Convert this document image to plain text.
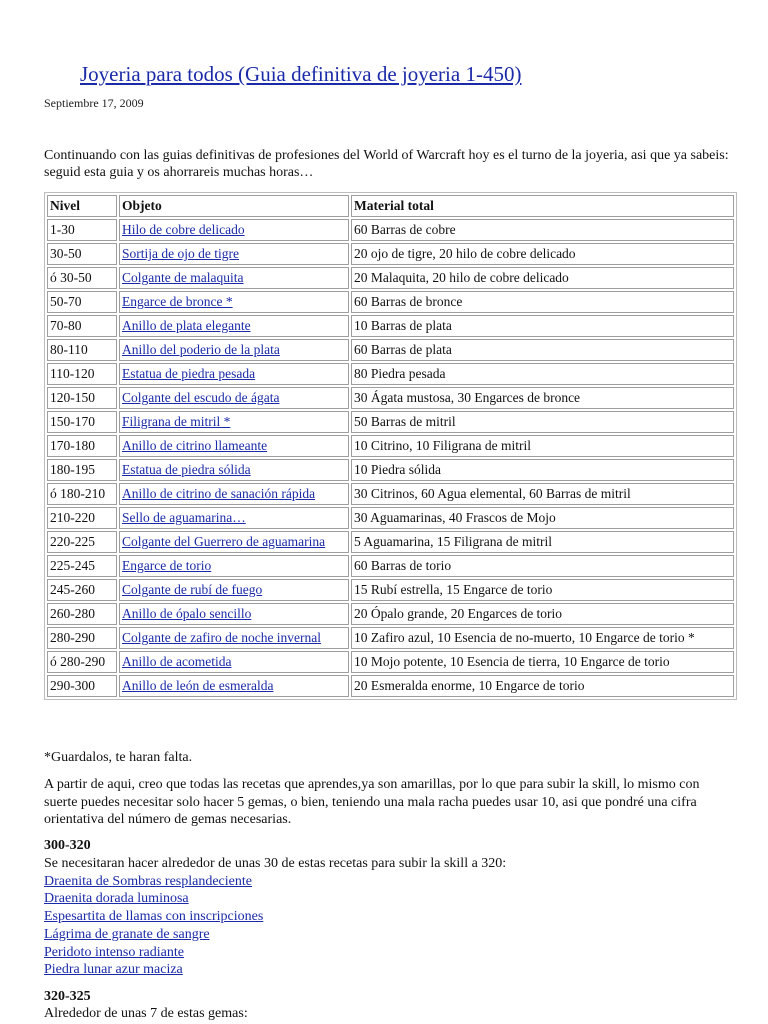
Joyeria para todos (Guia definitiva de joyeria 1-450)
Septiembre 17, 2009
Continuando con las guias definitivas de profesiones del World of Warcraft hoy es el turno de la joyeria, asi que ya sabeis: seguid esta guia y os ahorrareis muchas horas…
Nivel	Objeto	Material total
1-30	Hilo de cobre delicado	60 Barras de cobre
30-50	Sortija de ojo de tigre	20 ojo de tigre, 20 hilo de cobre delicado
ó 30-50	Colgante de malaquita	20 Malaquita, 20 hilo de cobre delicado
50-70	Engarce de bronce *	60 Barras de bronce
70-80	Anillo de plata elegante	10 Barras de plata
80-110	Anillo del poderio de la plata	60 Barras de plata
110-120	Estatua de piedra pesada	80 Piedra pesada
120-150	Colgante del escudo de ágata	30 Ágata mustosa, 30 Engarces de bronce
150-170	Filigrana de mitril *	50 Barras de mitril
170-180	Anillo de citrino llameante	10 Citrino, 10 Filigrana de mitril
180-195	Estatua de piedra sólida	10 Piedra sólida
ó 180-210	Anillo de citrino de sanación rápida	30 Citrinos, 60 Agua elemental, 60 Barras de mitril
210-220	Sello de aguamarina…	30 Aguamarinas, 40 Frascos de Mojo
220-225	Colgante del Guerrero de aguamarina	5 Aguamarina, 15 Filigrana de mitril
225-245	Engarce de torio	60 Barras de torio
245-260	Colgante de rubí de fuego	15 Rubí estrella, 15 Engarce de torio
260-280	Anillo de ópalo sencillo	20 Ópalo grande, 20 Engarces de torio
280-290	Colgante de zafiro de noche invernal	10 Zafiro azul, 10 Esencia de no-muerto, 10 Engarce de torio *
ó 280-290	Anillo de acometida	10 Mojo potente, 10 Esencia de tierra, 10 Engarce de torio
290-300	Anillo de león de esmeralda	20 Esmeralda enorme, 10 Engarce de torio
*Guardalos, te haran falta.
A partir de aqui, creo que todas las recetas que aprendes,ya son amarillas, por lo que para subir la skill, lo mismo con suerte puedes necesitar solo hacer 5 gemas, o bien, teniendo una mala racha puedes usar 10, asi que pondré una cifra orientativa del número de gemas necesarias.
300-320
Se necesitaran hacer alrededor de unas 30 de estas recetas para subir la skill a 320:
Draenita de Sombras resplandeciente
Draenita dorada luminosa
Espesartita de llamas con inscripciones
Lágrima de granate de sangre
Peridoto intenso radiante
Piedra lunar azur maciza
320-325
Alrededor de unas 7 de estas gemas:
